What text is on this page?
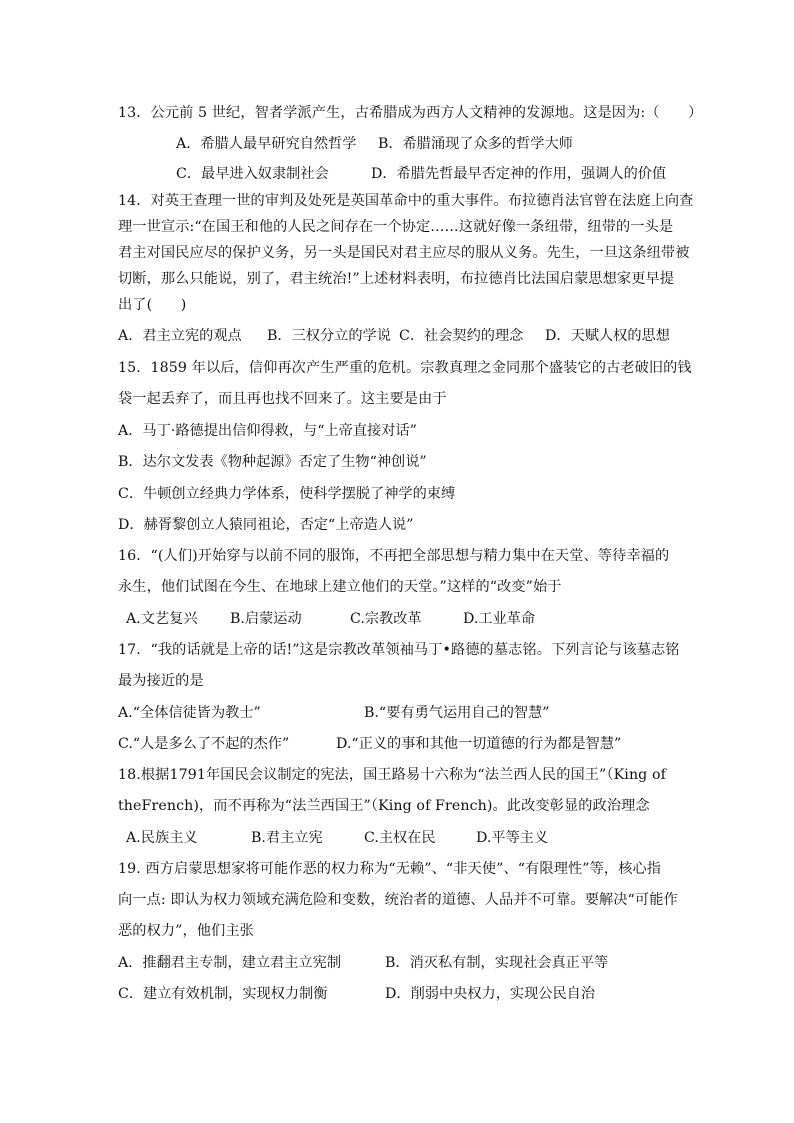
13．公元前 5 世纪，智者学派产生，古希腊成为西方人文精神的发源地。这是因为:（　　）
A．希腊人最早研究自然哲学 B．希腊涌现了众多的哲学大师
C．最早进入奴隶制社会	D．希腊先哲最早否定神的作用，强调人的价值
14．对英王查理一世的审判及处死是英国革命中的重大事件。布拉德肖法官曾在法庭上向查
理一世宣示:“在国王和他的人民之间存在一个协定……这就好像一条纽带，纽带的一头是
君主对国民应尽的保护义务，另一头是国民对君主应尽的服从义务。先生，一旦这条纽带被
切断，那么只能说，别了，君主统治!”上述材料表明，布拉德肖比法国启蒙思想家更早提
出了(　　)
A．君主立宪的观点 B．三权分立的学说 C．社会契约的理念 D．天赋人权的思想
15．1859 年以后，信仰再次产生严重的危机。宗教真理之金同那个盛装它的古老破旧的钱
袋一起丢弃了，而且再也找不回来了。这主要是由于
A．马丁·路德提出信仰得救，与“上帝直接对话”
B．达尔文发表《物种起源》否定了生物“神创说”
C．牛顿创立经典力学体系，使科学摆脱了神学的束缚
D．赫胥黎创立人猿同祖论，否定“上帝造人说”
16．“(人们)开始穿与以前不同的服饰，不再把全部思想与精力集中在天堂、等待幸福的
永生，他们试图在今生、在地球上建立他们的天堂。”这样的“改变”始于
A.文艺复兴 B.启蒙运动	C.宗教改革	D.工业革命
17．“我的话就是上帝的话!”这是宗教改革领袖马丁•路德的墓志铭。下列言论与该墓志铭
最为接近的是
A.“全体信徒皆为教士”	B.“要有勇气运用自己的智慧”
C.“人是多么了不起的杰作”	D.“正义的事和其他一切道德的行为都是智慧”
18.根据1791年国民会议制定的宪法，国王路易十六称为“法兰西人民的国王”（King of
theFrench)，而不再称为“法兰西国王”（King of French)。此改变彰显的政治理念
A.民族主义	B.君主立宪	C.主权在民	D.平等主义
19. 西方启蒙思想家将可能作恶的权力称为“无赖”、“非天使”、“有限理性”等，核心指
向一点: 即认为权力领域充满危险和变数，统治者的道德、人品并不可靠。要解决“可能作
恶的权力”，他们主张
A．推翻君主专制，建立君主立宪制	B．消灭私有制，实现社会真正平等
C．建立有效机制，实现权力制衡	D．削弱中央权力，实现公民自治
